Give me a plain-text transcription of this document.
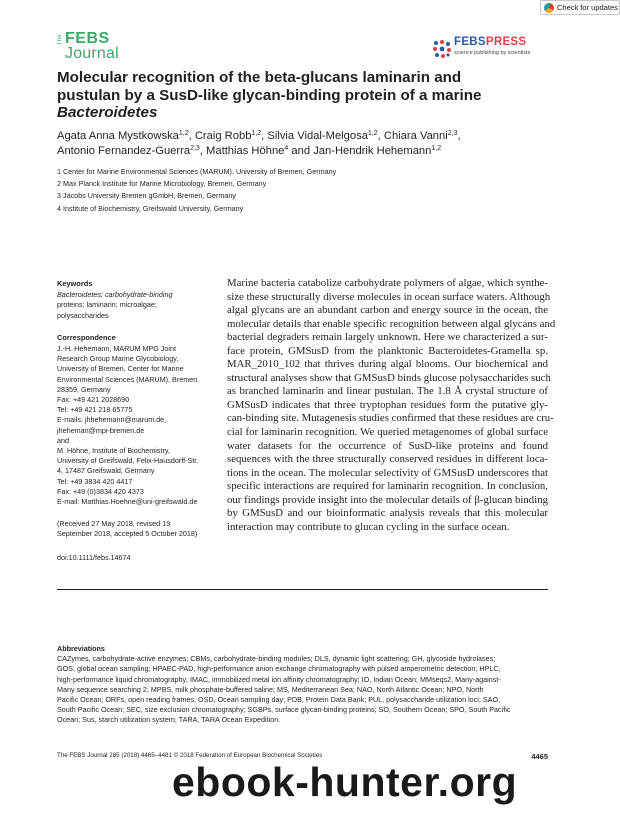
Check for updates
The FEBS
Journal
FEBSPRESS
science publishing by scientists
Molecular recognition of the beta-glucans laminarin and
pustulan by a SusD-like glycan-binding protein of a marine
Bacteroidetes
Agata Anna Mystkowska$^{1,2}$, Craig Robb$^{1,2}$, Silvia Vidal-Melgosa$^{1,2}$, Chiara Vanni$^{2,3}$,
Antonio Fernandez-Guerra$^{2,3}$, Matthias Höhne$^4$ and Jan-Hendrik Hehemann$^{1,2}$
1 Center for Marine Environmental Sciences (MARUM), University of Bremen, Germany
2 Max Planck Institute for Marine Microbiology, Bremen, Germany
3 Jacobs University Bremen gGmbH, Bremen, Germany
4 Institute of Biochemistry, Greifswald University, Germany
Keywords
Bacteroidetes; carbohydrate-binding
proteins; laminarin; microalgae;
polysaccharides
Correspondence
J.-H. Hehemann, MARUM MPG Joint
Research Group Marine Glycobiology,
University of Bremen, Center for Marine
Environmental Sciences (MARUM), Bremen
28359, Germany
Fax: +49 421 2028690
Tel: +49 421 218 65775
E-mails: jhhehemann@marum.de,
jheheman@mpi-bremen.de
and
M. Höhne, Institute of Biochemistry,
University of Greifswald, Felix-Hausdorff-Str.
4, 17487 Greifswald, Germany
Tel: +49 3834 420 4417
Fax: +49 (0)3834 420 4373
E-mail: Matthias.Hoehne@uni-greifswald.de
(Received 27 May 2018, revised 19
September 2018, accepted 5 October 2018)
doi:10.1111/febs.14674
Marine bacteria catabolize carbohydrate polymers of algae, which synthe-
size these structurally diverse molecules in ocean surface waters. Although
algal glycans are an abundant carbon and energy source in the ocean, the
molecular details that enable specific recognition between algal glycans and
bacterial degraders remain largely unknown. Here we characterized a sur-
face protein, GMSusD from the planktonic Bacteroidetes-Gramella sp.
MAR_2010_102 that thrives during algal blooms. Our biochemical and
structural analyses show that GMSusD binds glucose polysaccharides such
as branched laminarin and linear pustulan. The 1.8 Å crystal structure of
GMSusD indicates that three tryptophan residues form the putative gly-
can-binding site. Mutagenesis studies confirmed that these residues are cru-
cial for laminarin recognition. We queried metagenomes of global surface
water datasets for the occurrence of SusD-like proteins and found
sequences with the three structurally conserved residues in different loca-
tions in the ocean. The molecular selectivity of GMSusD underscores that
specific interactions are required for laminarin recognition. In conclusion,
our findings provide insight into the molecular details of β-glucan binding
by GMSusD and our bioinformatic analysis reveals that this molecular
interaction may contribute to glucan cycling in the surface ocean.
Abbreviations
CAZymes, carbohydrate-active enzymes; CBMs, carbohydrate-binding modules; DLS, dynamic light scattering; GH, glycoside hydrolases;
GOS, global ocean sampling; HPAEC-PAD, high-performance anion exchange chromatography with pulsed amperometric detection; HPLC,
high-performance liquid chromatography; IMAC, immobilized metal ion affinity chromatography; IO, Indian Ocean; MMseqs2, Many-against-
Many sequence searching 2; MPBS, milk phosphate-buffered saline; MS, Mediterranean Sea; NAO, North Atlantic Ocean; NPO, North
Pacific Ocean; ORFs, open reading frames; OSD, Ocean sampling day; PDB, Protein Data Bank; PUL, polysaccharide utilization loci; SAO,
South Pacific Ocean; SEC, size exclusion chromatography; SGBPs, surface glycan-binding proteins; SO, Southern Ocean; SPO, South Pacific
Ocean; Sus, starch utilization system; TARA, TARA Ocean Expedition.
The FEBS Journal 285 (2018) 4465–4481 © 2018 Federation of European Biochemical Societies	4465
ebook-hunter.org
